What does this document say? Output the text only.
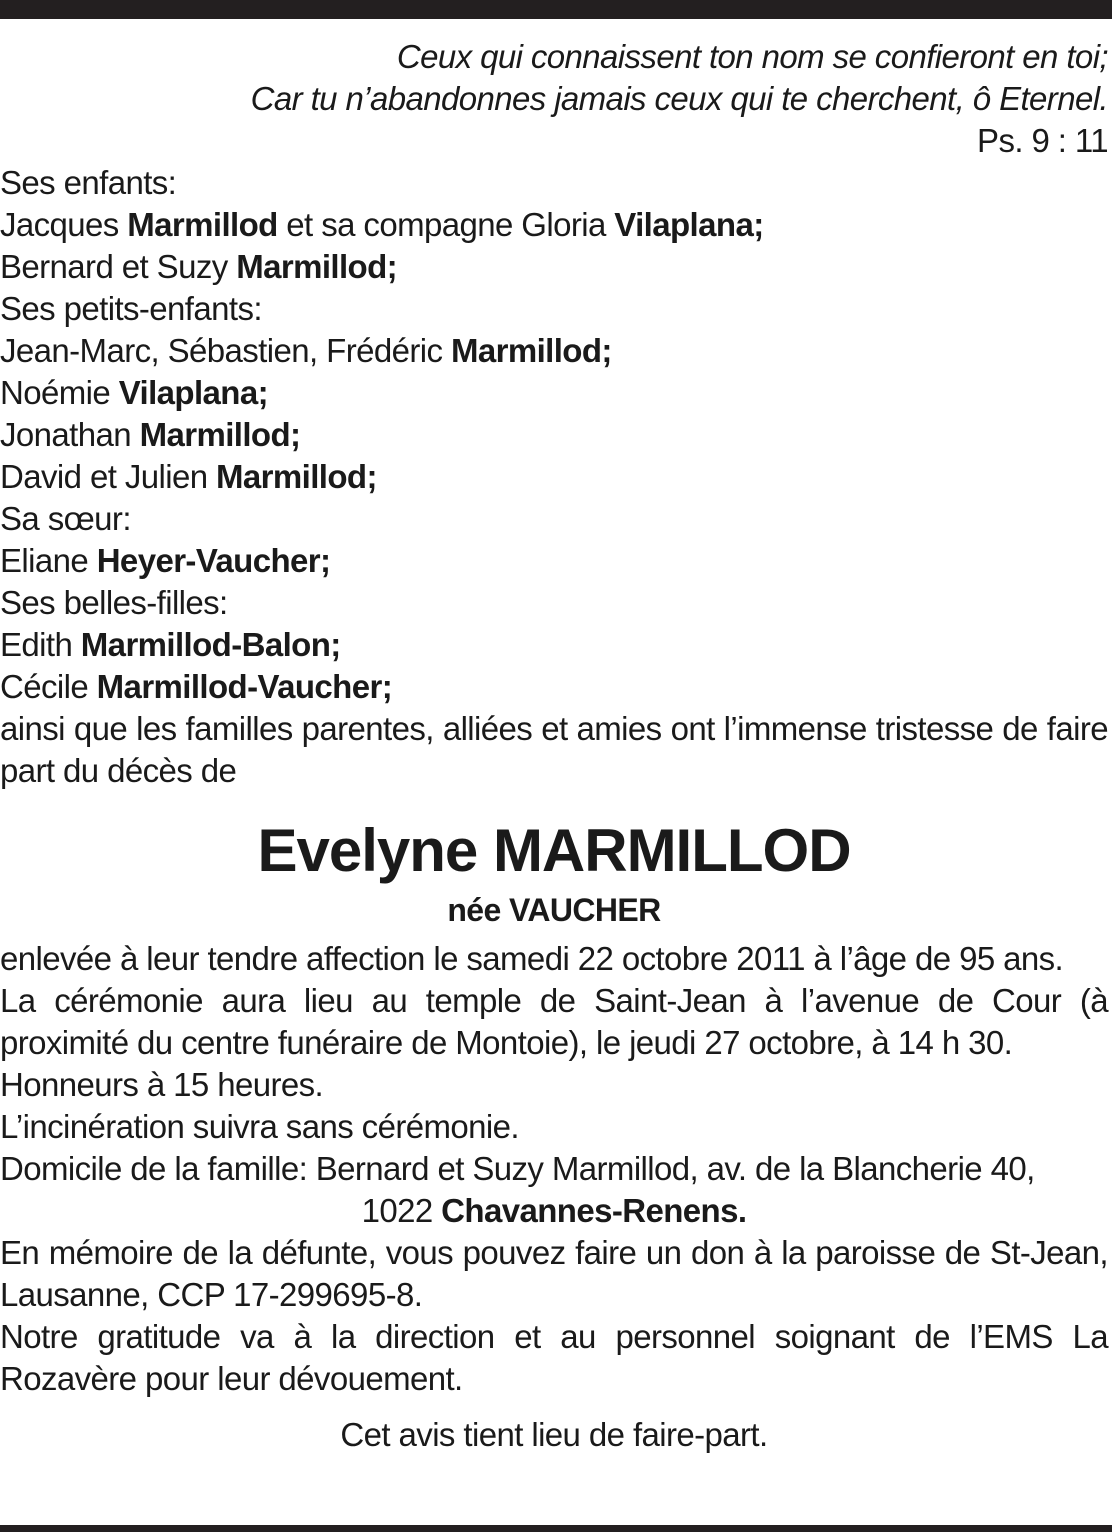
Ceux qui connaissent ton nom se confieront en toi;
Car tu n’abandonnes jamais ceux qui te cherchent, ô Eternel.
Ps. 9 : 11
Ses enfants:
Jacques Marmillod et sa compagne Gloria Vilaplana;
Bernard et Suzy Marmillod;
Ses petits-enfants:
Jean-Marc, Sébastien, Frédéric Marmillod;
Noémie Vilaplana;
Jonathan Marmillod;
David et Julien Marmillod;
Sa sœur:
Eliane Heyer-Vaucher;
Ses belles-filles:
Edith Marmillod-Balon;
Cécile Marmillod-Vaucher;
ainsi que les familles parentes, alliées et amies ont l’immense tristesse de faire part du décès de
Evelyne MARMILLOD
née VAUCHER
enlevée à leur tendre affection le samedi 22 octobre 2011 à l’âge de 95 ans.
La cérémonie aura lieu au temple de Saint-Jean à l’avenue de Cour (à proximité du centre funéraire de Montoie), le jeudi 27 octobre, à 14 h 30.
Honneurs à 15 heures.
L’incinération suivra sans cérémonie.
Domicile de la famille: Bernard et Suzy Marmillod, av. de la Blancherie 40,
1022 Chavannes-Renens.
En mémoire de la défunte, vous pouvez faire un don à la paroisse de St-Jean, Lausanne, CCP 17-299695-8.
Notre gratitude va à la direction et au personnel soignant de l’EMS La Rozavère pour leur dévouement.
Cet avis tient lieu de faire-part.
